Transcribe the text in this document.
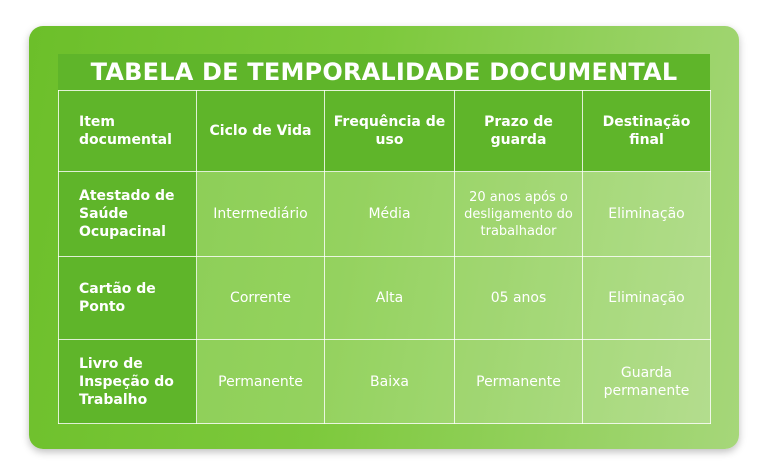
TABELA DE TEMPORALIDADE DOCUMENTAL
Item documental	Ciclo de Vida	Frequência de uso	Prazo de guarda	Destinação final
Atestado de Saúde Ocupacinal	Intermediário	Média	20 anos após o desligamento do trabalhador	Eliminação
Cartão de Ponto	Corrente	Alta	05 anos	Eliminação
Livro de Inspeção do Trabalho	Permanente	Baixa	Permanente	Guarda permanente
